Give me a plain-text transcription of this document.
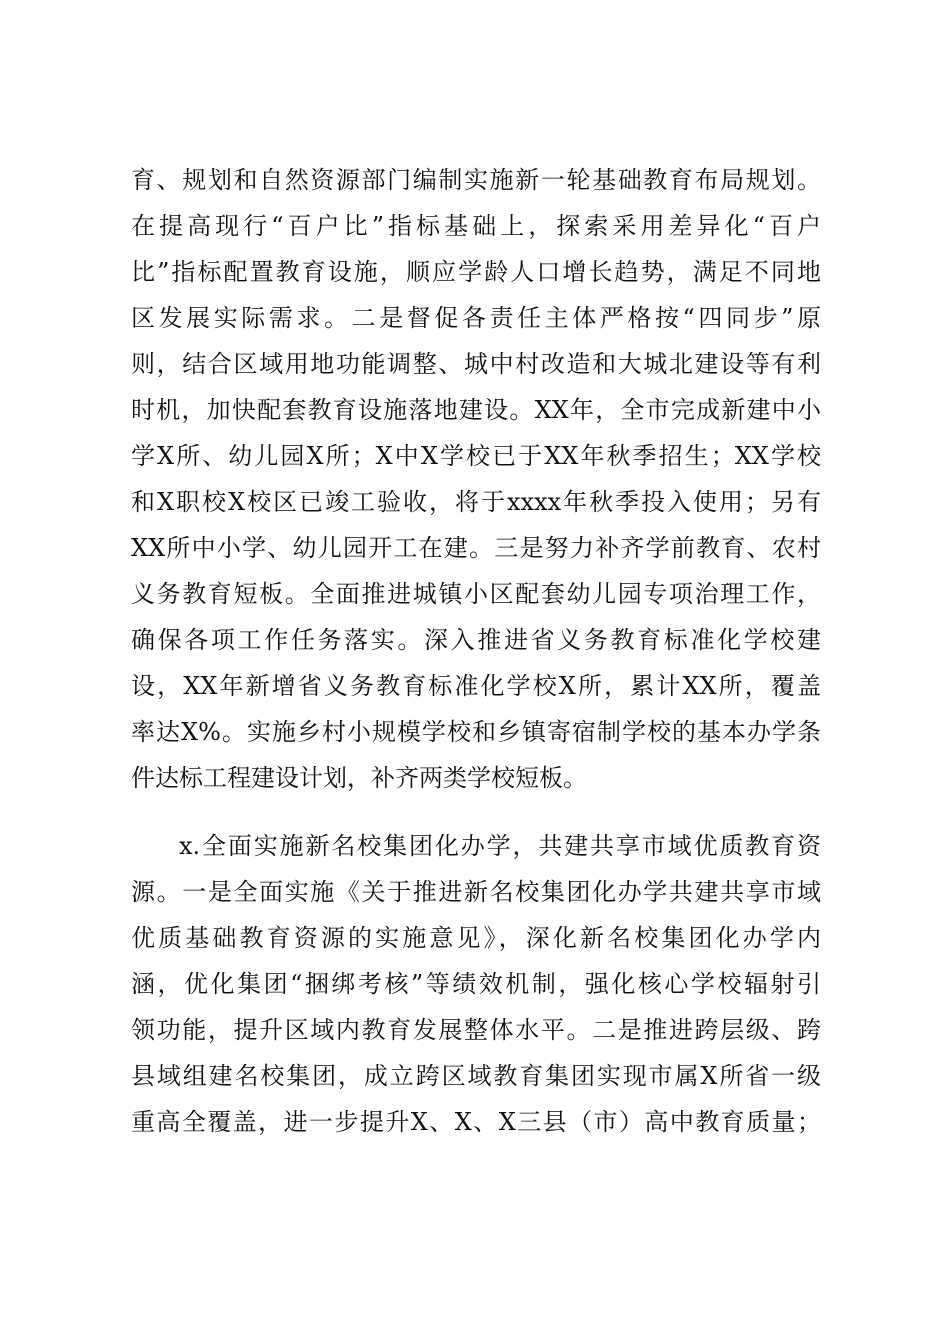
育、规划和自然资源部门编制实施新一轮基础教育布局规划。
在提高现行“百户比”指标基础上，探索采用差异化“百户
比”指标配置教育设施，顺应学龄人口增长趋势，满足不同地
区发展实际需求。二是督促各责任主体严格按“四同步”原
则，结合区域用地功能调整、城中村改造和大城北建设等有利
时机，加快配套教育设施落地建设。XX年，全市完成新建中小
学X所、幼儿园X所；X中X学校已于XX年秋季招生；XX学校
和X职校X校区已竣工验收，将于xxxx年秋季投入使用；另有
XX所中小学、幼儿园开工在建。三是努力补齐学前教育、农村
义务教育短板。全面推进城镇小区配套幼儿园专项治理工作，
确保各项工作任务落实。深入推进省义务教育标准化学校建
设，XX年新增省义务教育标准化学校X所，累计XX所，覆盖
率达X%。实施乡村小规模学校和乡镇寄宿制学校的基本办学条
件达标工程建设计划，补齐两类学校短板。
x.全面实施新名校集团化办学，共建共享市域优质教育资
源。一是全面实施《关于推进新名校集团化办学共建共享市域
优质基础教育资源的实施意见》，深化新名校集团化办学内
涵，优化集团“捆绑考核”等绩效机制，强化核心学校辐射引
领功能，提升区域内教育发展整体水平。二是推进跨层级、跨
县域组建名校集团，成立跨区域教育集团实现市属X所省一级
重高全覆盖，进一步提升X、X、X三县（市）高中教育质量；
